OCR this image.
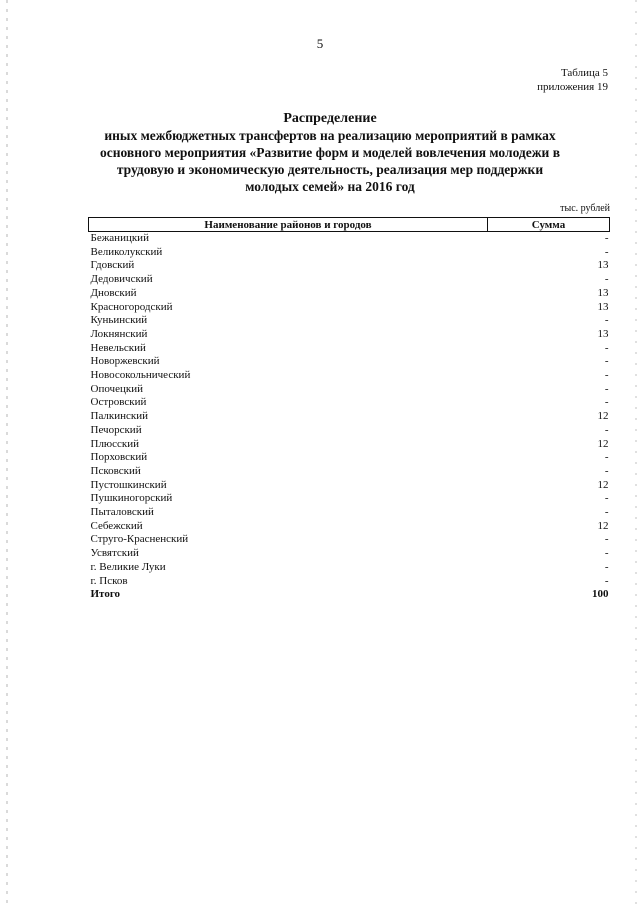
5
Таблица 5
приложения 19
Распределение
иных межбюджетных трансфертов на реализацию мероприятий в рамках
основного мероприятия «Развитие форм и моделей вовлечения молодежи в
трудовую и экономическую деятельность, реализация мер поддержки
молодых семей» на 2016 год
тыс. рублей
Наименование районов и городов	Сумма
Бежаницкий	-
Великолукский	-
Гдовский	13
Дедовичский	-
Дновский	13
Красногородский	13
Куньинский	-
Локнянский	13
Невельский	-
Новоржевский	-
Новосокольнический	-
Опочецкий	-
Островский	-
Палкинский	12
Печорский	-
Плюсский	12
Порховский	-
Псковский	-
Пустошкинский	12
Пушкиногорский	-
Пыталовский	-
Себежский	12
Струго-Красненский	-
Усвятский	-
г. Великие Луки	-
г. Псков	-
Итого	100
